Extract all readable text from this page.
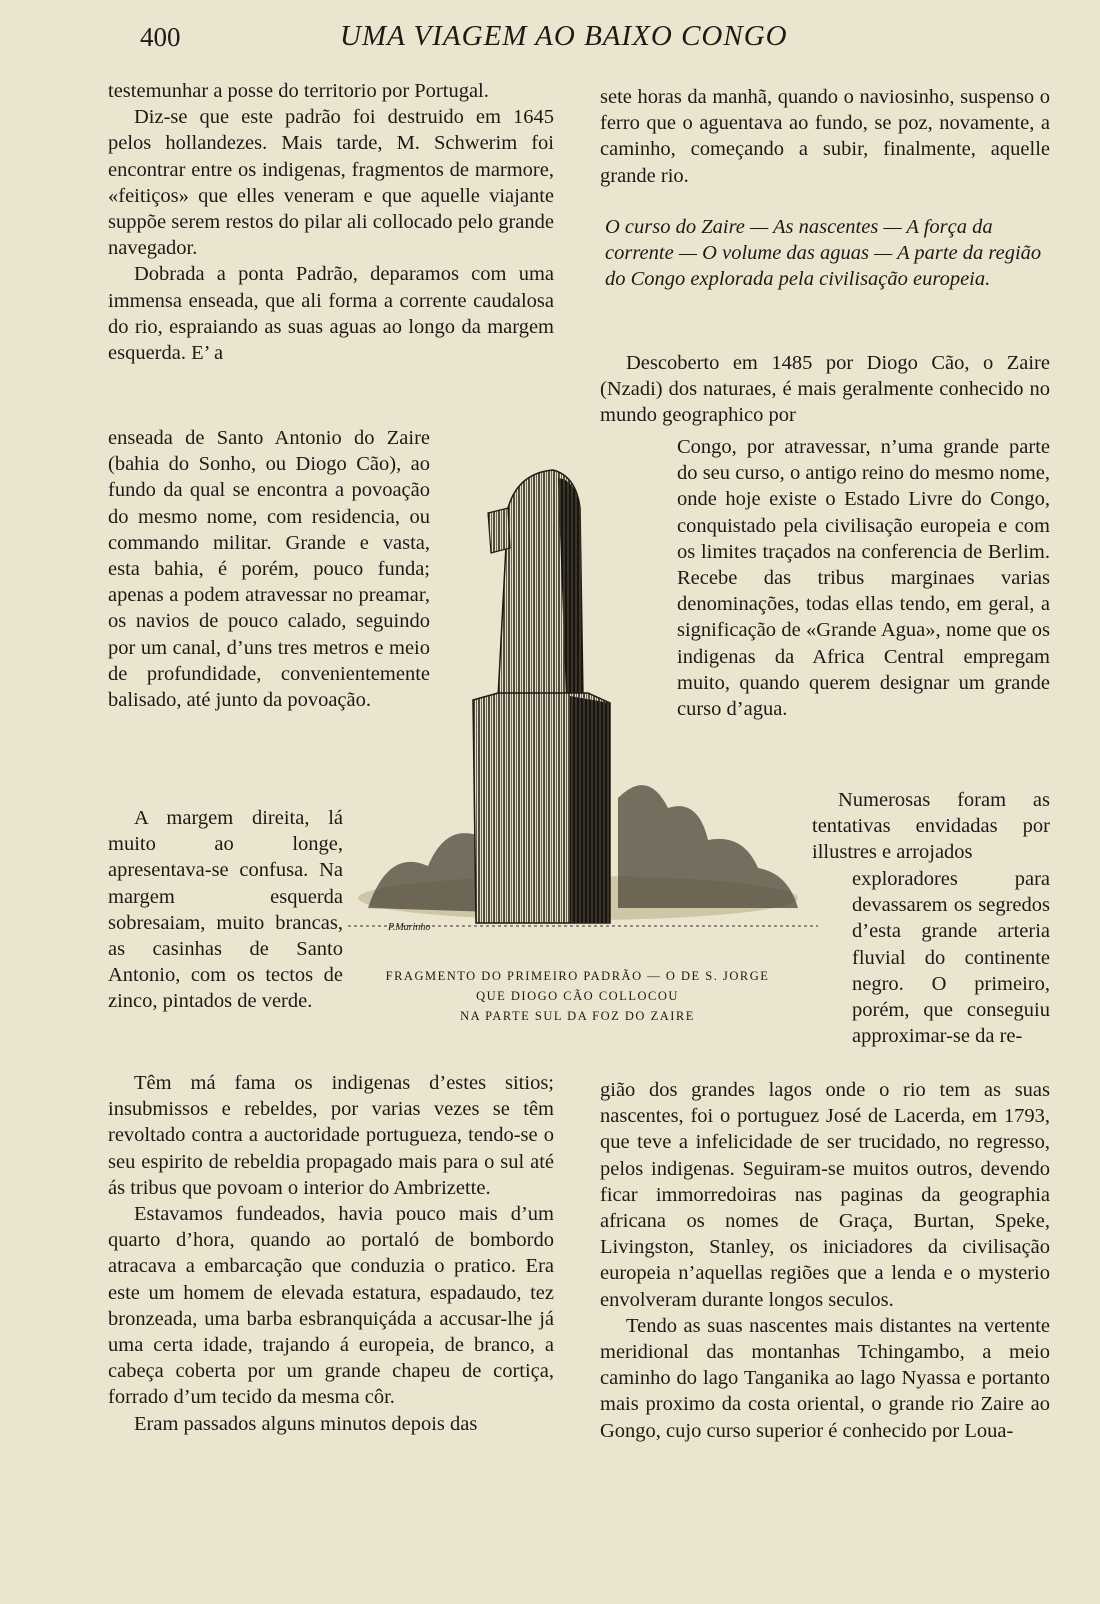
400	UMA VIAGEM AO BAIXO CONGO

testemunhar a posse do territorio por Portugal.

Diz-se que este padrão foi destruido em 1645 pelos hollandezes. Mais tarde, M. Schwerim foi encontrar entre os indigenas, fragmentos de marmore, «feitiços» que elles veneram e que aquelle viajante suppõe serem restos do pilar ali collocado pelo grande navegador.

Dobrada a ponta Padrão, deparamos com uma immensa enseada, que ali forma a corrente caudalosa do rio, espraiando as suas aguas ao longo da margem esquerda. E’ a

enseada de Santo Antonio do Zaire (bahia do Sonho, ou Diogo Cão), ao fundo da qual se encontra a povoação do mesmo nome, com residencia, ou commando militar. Grande e vasta, esta bahia, é porém, pouco funda; apenas a podem atravessar no preamar, os navios de pouco calado, seguindo por um canal, d’uns tres metros e meio de profundidade, convenientemente balisado, até junto da povoação.

A margem direita, lá muito ao longe, apresentava-se confusa. Na margem esquerda sobresaiam, muito brancas, as casinhas de Santo Antonio, com os tectos de zinco, pintados de verde.

Têm má fama os indigenas d’estes sitios; insubmissos e rebeldes, por varias vezes se têm revoltado contra a auctoridade portugueza, tendo-se o seu espirito de rebeldia propagado mais para o sul até ás tribus que povoam o interior do Ambrizette.

Estavamos fundeados, havia pouco mais d’um quarto d’hora, quando ao portaló de bombordo atracava a embarcação que conduzia o pratico. Era este um homem de elevada estatura, espadaudo, tez bronzeada, uma barba esbranquiçáda a accusar-lhe já uma certa idade, trajando á europeia, de branco, a cabeça coberta por um grande chapeu de cortiça, forrado d’um tecido da mesma côr.

Eram passados alguns minutos depois das

sete horas da manhã, quando o naviosinho, suspenso o ferro que o aguentava ao fundo, se poz, novamente, a caminho, começando a subir, finalmente, aquelle grande rio.

O curso do Zaire — As nascentes — A força da corrente — O volume das aguas — A parte da região do Congo explorada pela civilisação europeia.

Descoberto em 1485 por Diogo Cão, o Zaire (Nzadi) dos naturaes, é mais geralmente conhecido no mundo geographico por

Congo, por atravessar, n’uma grande parte do seu curso, o antigo reino do mesmo nome, onde hoje existe o Estado Livre do Congo, conquistado pela civilisação europeia e com os limites traçados na conferencia de Berlim. Recebe das tribus marginaes varias denominações, todas ellas tendo, em geral, a significação de «Grande Agua», nome que os indigenas da Africa Central empregam muito, quando querem designar um grande curso d’agua.

Numerosas foram as tentativas envidadas por illustres e arrojados

exploradores para devassarem os segredos d’esta grande arteria fluvial do continente negro. O primeiro, porém, que conseguiu approximar-se da re-

gião dos grandes lagos onde o rio tem as suas nascentes, foi o portuguez José de Lacerda, em 1793, que teve a infelicidade de ser trucidado, no regresso, pelos indigenas. Seguiram-se muitos outros, devendo ficar immorredoiras nas paginas da geographia africana os nomes de Graça, Burtan, Speke, Livingston, Stanley, os iniciadores da civilisação europeia n’aquellas regiões que a lenda e o mysterio envolveram durante longos seculos.

Tendo as suas nascentes mais distantes na vertente meridional das montanhas Tchingambo, a meio caminho do lago Tanganika ao lago Nyassa e portanto mais proximo da costa oriental, o grande rio Zaire ao Gongo, cujo curso superior é conhecido por Loua-

P.Marinho
FRAGMENTO DO PRIMEIRO PADRÃO — O DE S. JORGE
QUE DIOGO CÃO COLLOCOU
NA PARTE SUL DA FOZ DO ZAIRE
